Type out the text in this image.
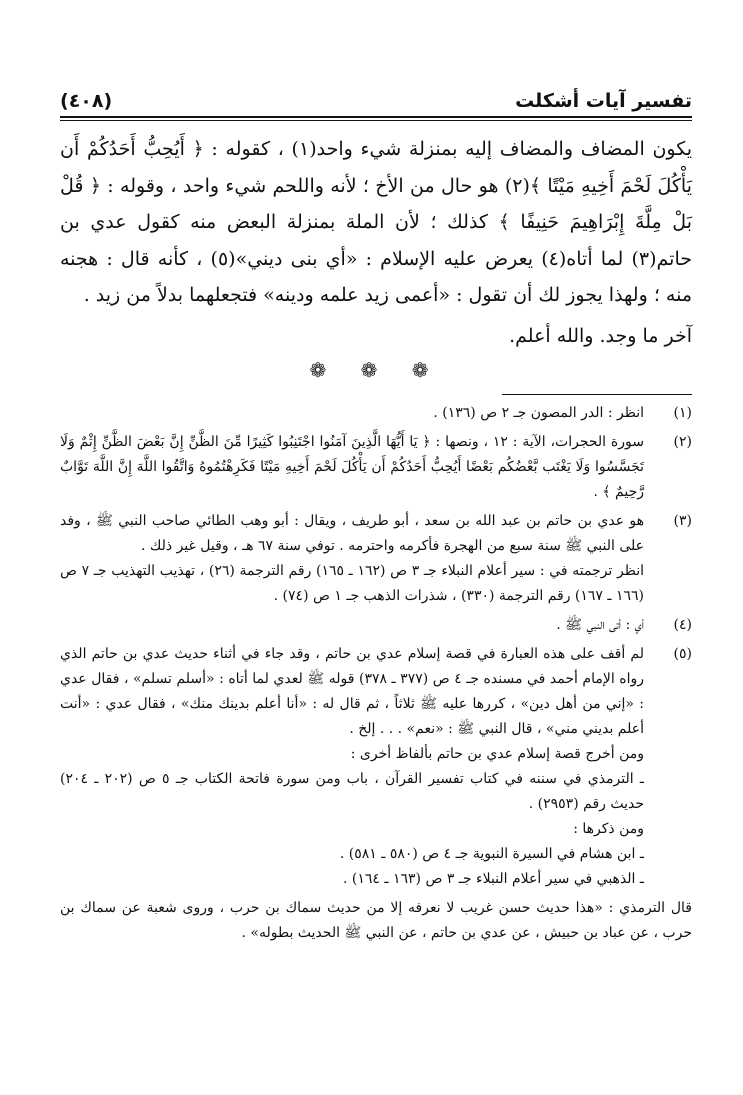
تفسير آيات أشكلت
(٤٠٨)

يكون المضاف والمضاف إليه بمنزلة شيء واحد(١) ، كقوله : ﴿ أَيُحِبُّ أَحَدُكُمْ أَن يَأْكُلَ لَحْمَ أَخِيهِ مَيْتًا ﴾(٢) هو حال من الأخ ؛ لأنه واللحم شيء واحد ، وقوله : ﴿ قُلْ بَلْ مِلَّةَ إِبْرَاهِيمَ حَنِيفًا ﴾ كذلك ؛ لأن الملة بمنزلة البعض منه كقول عدي بن حاتم(٣) لما أتاه(٤) يعرض عليه الإسلام : «أي بنى ديني»(٥) ، كأنه قال : هجنه منه ؛ ولهذا يجوز لك أن تقول : «أعمى زيد علمه ودينه» فتجعلهما بدلاً من زيد .

آخر ما وجد. والله أعلم.
❁ ❁ ❁
(١)

انظر : الدر المصون جـ ٢ ص (١٣٦) .

(٢)

سورة الحجرات، الآية : ١٢ ، ونصها : ﴿ يَا أَيُّهَا الَّذِينَ آمَنُوا اجْتَنِبُوا كَثِيرًا مِّنَ الظَّنِّ إِنَّ بَعْضَ الظَّنِّ إِثْمٌ وَلَا تَجَسَّسُوا وَلَا يَغْتَب بَّعْضُكُم بَعْضًا أَيُحِبُّ أَحَدُكُمْ أَن يَأْكُلَ لَحْمَ أَخِيهِ مَيْتًا فَكَرِهْتُمُوهُ وَاتَّقُوا اللَّهَ إِنَّ اللَّهَ تَوَّابٌ رَّحِيمٌ ﴾ .

(٣)

هو عدي بن حاتم بن عبد الله بن سعد ، أبو طريف ، ويقال : أبو وهب الطائي صاحب النبي ﷺ ، وفد على النبي ﷺ سنة سبع من الهجرة فأكرمه واحترمه . توفي سنة ٦٧ هـ ، وقيل غير ذلك .

انظر ترجمته في : سير أعلام النبلاء جـ ٣ ص (١٦٢ ـ ١٦٥) رقم الترجمة (٢٦) ، تهذيب التهذيب جـ ٧ ص (١٦٦ ـ ١٦٧) رقم الترجمة (٣٣٠) ، شذرات الذهب جـ ١ ص (٧٤) .

(٤)

أي : أتى النبي ﷺ .

(٥)

لم أقف على هذه العبارة في قصة إسلام عدي بن حاتم ، وقد جاء في أثناء حديث عدي بن حاتم الذي رواه الإمام أحمد في مسنده جـ ٤ ص (٣٧٧ ـ ٣٧٨) قوله ﷺ لعدي لما أتاه : «أسلم تسلم» ، فقال عدي : «إني من أهل دين» ، كررها عليه ﷺ ثلاثاً ، ثم قال له : «أنا أعلم بدينك منك» ، فقال عدي : «أنت أعلم بديني مني» ، قال النبي ﷺ : «نعم» . . . إلخ .

ومن أخرج قصة إسلام عدي بن حاتم بألفاظ أخرى :

ـ الترمذي في سننه في كتاب تفسير القرآن ، باب ومن سورة فاتحة الكتاب جـ ٥ ص (٢٠٢ ـ ٢٠٤) حديث رقم (٢٩٥٣) .

ومن ذكرها :

ـ ابن هشام في السيرة النبوية جـ ٤ ص (٥٨٠ ـ ٥٨١) .

ـ الذهبي في سير أعلام النبلاء جـ ٣ ص (١٦٣ ـ ١٦٤) .

قال الترمذي : «هذا حديث حسن غريب لا نعرفه إلا من حديث سماك بن حرب ، وروى شعبة عن سماك بن حرب ، عن عباد بن حبيش ، عن عدي بن حاتم ، عن النبي ﷺ الحديث بطوله» .
